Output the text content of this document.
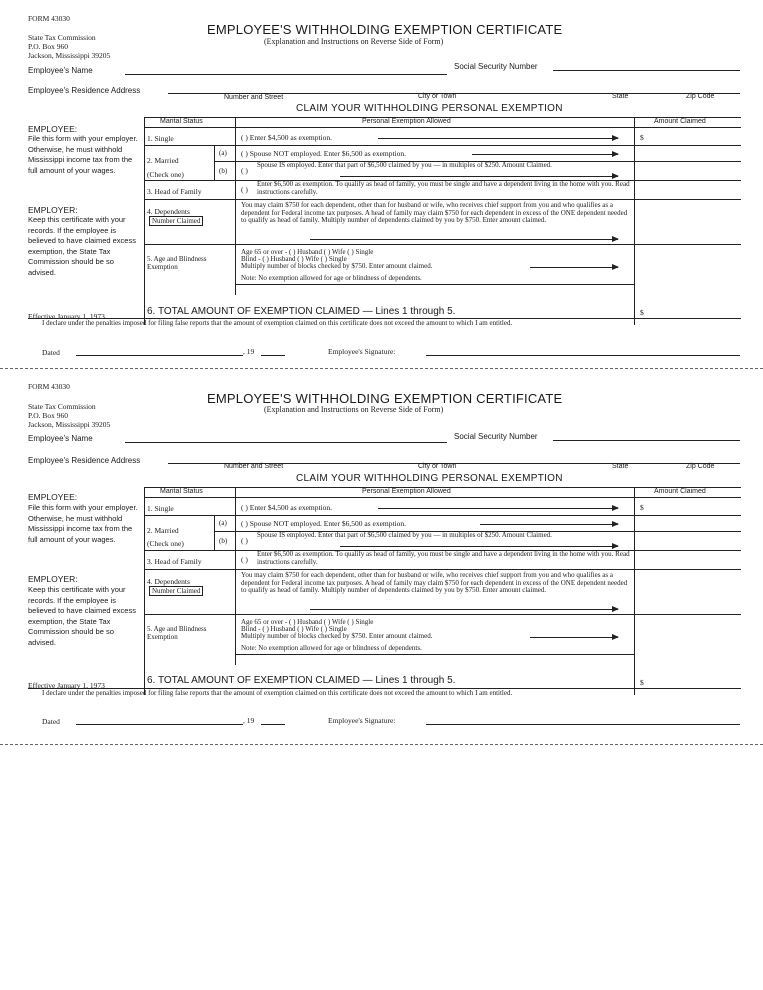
FORM 43030
EMPLOYEE'S WITHHOLDING EXEMPTION CERTIFICATE
(Explanation and Instructions on Reverse Side of Form)
State Tax Commission
P.O. Box 960
Jackson, Mississippi 39205
Employee's Name	Social Security Number
Employee's Residence Address
Number and Street	City or Town	State	Zip Code
CLAIM YOUR WITHHOLDING PERSONAL EXEMPTION
Marital Status	Personal Exemption Allowed	Amount Claimed
EMPLOYEE:
File this form with your employer. Otherwise, he must withhold Mississippi income tax from the full amount of your wages.
EMPLOYER:
Keep this certificate with your records. If the employee is believed to have claimed excess exemption, the State Tax Commission should be so advised.
1. Single	( ) Enter $4,500 as exemption.	$
2. Married
(Check one)
(a) ( ) Spouse NOT employed. Enter $6,500 as exemption.
(b) ( )
Spouse IS employed. Enter that part of $6,500 claimed by you — in multiples of $250. Amount Claimed.
3. Head of Family	( )
Enter $6,500 as exemption. To qualify as head of family, you must be single and have a dependent living in the home with you. Read instructions carefully.
4. Dependents
Number Claimed
You may claim $750 for each dependent, other than for husband or wife, who receives chief support from you and who qualifies as a dependent for Federal income tax purposes. A head of family may claim $750 for each dependent in excess of the ONE dependent needed to qualify as head of family. Multiply number of dependents claimed by you by $750. Enter amount claimed.
5. Age and Blindness Exemption
Age 65 or over - ( ) Husband ( ) Wife ( ) Single
Blind - ( ) Husband ( ) Wife ( ) Single
Multiply number of blocks checked by $750. Enter amount claimed.
Note: No exemption allowed for age or blindness of dependents.
Effective January 1, 1973	6. TOTAL AMOUNT OF EXEMPTION CLAIMED — Lines 1 through 5.	$
I declare under the penalties imposed for filing false reports that the amount of exemption claimed on this certificate does not exceed the amount to which I am entitled.
Dated	, 19	Employee's Signature:
FORM 43030
EMPLOYEE'S WITHHOLDING EXEMPTION CERTIFICATE
(Explanation and Instructions on Reverse Side of Form)
State Tax Commission
P.O. Box 960
Jackson, Mississippi 39205
Employee's Name	Social Security Number
Employee's Residence Address
Number and Street	City or Town	State	Zip Code
CLAIM YOUR WITHHOLDING PERSONAL EXEMPTION
Marital Status	Personal Exemption Allowed	Amount Claimed
EMPLOYEE:
File this form with your employer. Otherwise, he must withhold Mississippi income tax from the full amount of your wages.
EMPLOYER:
Keep this certificate with your records. If the employee is believed to have claimed excess exemption, the State Tax Commission should be so advised.
1. Single	( ) Enter $4,500 as exemption.	$
2. Married
(Check one)
(a) ( ) Spouse NOT employed. Enter $6,500 as exemption.
(b) ( )
Spouse IS employed. Enter that part of $6,500 claimed by you — in multiples of $250. Amount Claimed.
3. Head of Family	( )
Enter $6,500 as exemption. To qualify as head of family, you must be single and have a dependent living in the home with you. Read instructions carefully.
4. Dependents
Number Claimed
You may claim $750 for each dependent, other than for husband or wife, who receives chief support from you and who qualifies as a dependent for Federal income tax purposes. A head of family may claim $750 for each dependent in excess of the ONE dependent needed to qualify as head of family. Multiply number of dependents claimed by you by $750. Enter amount claimed.
5. Age and Blindness Exemption
Age 65 or over - ( ) Husband ( ) Wife ( ) Single
Blind - ( ) Husband ( ) Wife ( ) Single
Multiply number of blocks checked by $750. Enter amount claimed.
Note: No exemption allowed for age or blindness of dependents.
Effective January 1, 1973	6. TOTAL AMOUNT OF EXEMPTION CLAIMED — Lines 1 through 5.	$
I declare under the penalties imposed for filing false reports that the amount of exemption claimed on this certificate does not exceed the amount to which I am entitled.
Dated	, 19	Employee's Signature:
